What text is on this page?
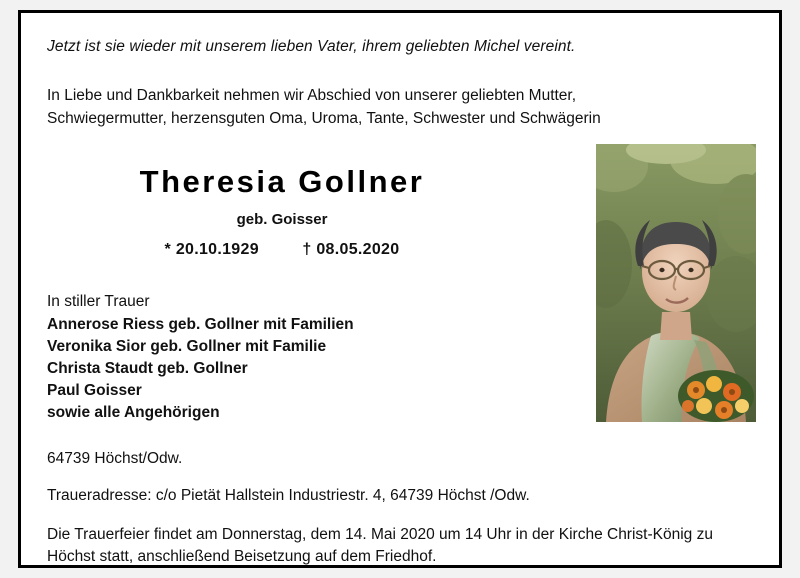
Jetzt ist sie wieder mit unserem lieben Vater, ihrem geliebten Michel vereint.
In Liebe und Dankbarkeit nehmen wir Abschied von unserer geliebten Mutter, Schwiegermutter, herzensguten Oma, Uroma, Tante, Schwester und Schwägerin
Theresia Gollner
geb. Goisser
* 20.10.1929	† 08.05.2020
In stiller Trauer
Annerose Riess geb. Gollner mit Familien
Veronika Sior geb. Gollner mit Familie
Christa Staudt geb. Gollner
Paul Goisser
sowie alle Angehörigen
64739 Höchst/Odw.
Traueradresse: c/o Pietät Hallstein Industriestr. 4, 64739 Höchst /Odw.
Die Trauerfeier findet am Donnerstag, dem 14. Mai 2020 um 14 Uhr in der Kirche Christ-König zu Höchst statt, anschließend Beisetzung auf dem Friedhof.
